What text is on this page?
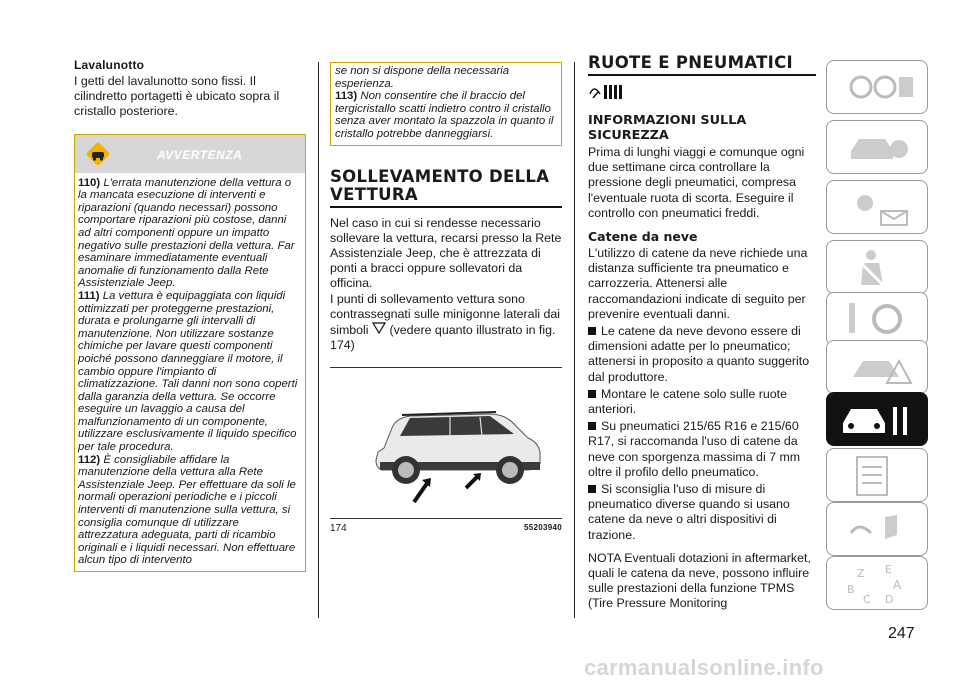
Lavalunotto

I getti del lavalunotto sono fissi. Il cilindretto portagetti è ubicato sopra il cristallo posteriore.

AVVERTENZA

110) L'errata manutenzione della vettura o la mancata esecuzione di interventi e riparazioni (quando necessari) possono comportare riparazioni più costose, danni ad altri componenti oppure un impatto negativo sulle prestazioni della vettura. Far esaminare immediatamente eventuali anomalie di funzionamento dalla Rete Assistenziale Jeep.

111) La vettura è equipaggiata con liquidi ottimizzati per proteggerne prestazioni, durata e prolungarne gli intervalli di manutenzione. Non utilizzare sostanze chimiche per lavare questi componenti poiché possono danneggiare il motore, il cambio oppure l'impianto di climatizzazione. Tali danni non sono coperti dalla garanzia della vettura. Se occorre eseguire un lavaggio a causa del malfunzionamento di un componente, utilizzare esclusivamente il liquido specifico per tale procedura.

112) È consigliabile affidare la manutenzione della vettura alla Rete Assistenziale Jeep. Per effettuare da soli le normali operazioni periodiche e i piccoli interventi di manutenzione sulla vettura, si consiglia comunque di utilizzare attrezzatura adeguata, parti di ricambio originali e i liquidi necessari. Non effettuare alcun tipo di intervento

se non si dispone della necessaria esperienza.

113) Non consentire che il braccio del tergicristallo scatti indietro contro il cristallo senza aver montato la spazzola in quanto il cristallo potrebbe danneggiarsi.

SOLLEVAMENTO DELLA VETTURA

Nel caso in cui si rendesse necessario sollevare la vettura, recarsi presso la Rete Assistenziale Jeep, che è attrezzata di ponti a bracci oppure sollevatori da officina.

I punti di sollevamento vettura sono contrassegnati sulle minigonne laterali dai simboli (vedere quanto illustrato in fig. 174)

174	55203940
RUOTE E PNEUMATICI
INFORMAZIONI SULLA SICUREZZA

Prima di lunghi viaggi e comunque ogni due settimane circa controllare la pressione degli pneumatici, compresa l'eventuale ruota di scorta. Eseguire il controllo con pneumatici freddi.

Catene da neve

L'utilizzo di catene da neve richiede una distanza sufficiente tra pneumatico e carrozzeria. Attenersi alle raccomandazioni indicate di seguito per prevenire eventuali danni.

Le catene da neve devono essere di dimensioni adatte per lo pneumatico; attenersi in proposito a quanto suggerito dal produttore.

Montare le catene solo sulle ruote anteriori.

Su pneumatici 215/65 R16 e 215/60 R17, si raccomanda l'uso di catene da neve con sporgenza massima di 7 mm oltre il profilo dello pneumatico.

Si sconsiglia l'uso di misure di pneumatico diverse quando si usano catene da neve o altri dispositivi di trazione.

NOTA Eventuali dotazioni in aftermarket, quali le catena da neve, possono influire sulle prestazioni della funzione TPMS (Tire Pressure Monitoring

Z E
B	A
C D
247
carmanualsonline.info
